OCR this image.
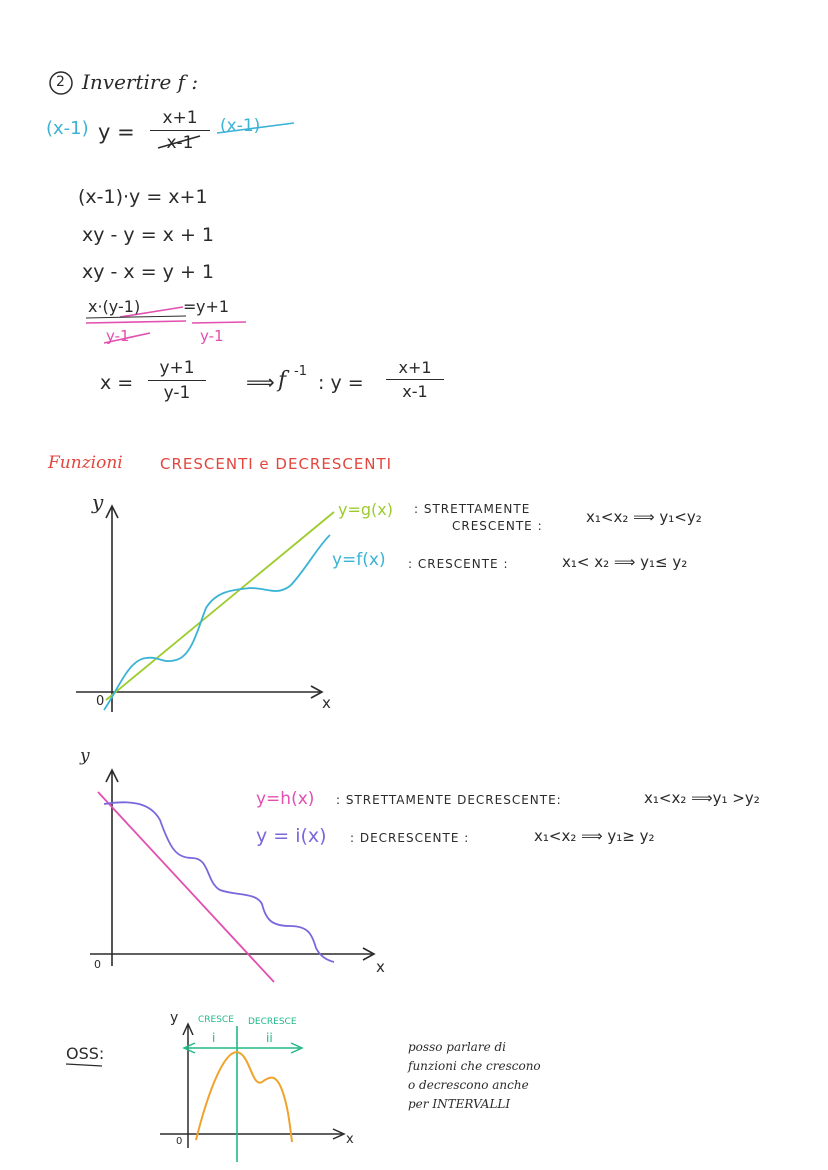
2 Invertire f :
(x-1) y =
x+1
x-1
(x-1)
(x-1)·y = x+1
xy - y = x + 1
xy - x = y + 1
x·(y-1)	= y+1
y-1	y-1
x =
y+1
y-1	⟹ f -1
: y =
x+1
x-1
Funzioni CRESCENTI e DECRESCENTI
y
x
0
y=g(x) : STRETTAMENTE
CRESCENTE :	x₁<x₂ ⟹ y₁<y₂
y=f(x) : CRESCENTE :	x₁< x₂ ⟹ y₁≤ y₂
y
x
0
y=h(x) : STRETTAMENTE DECRESCENTE:	x₁<x₂ ⟹y₁ >y₂
y = i(x) : DECRESCENTE :	x₁<x₂ ⟹ y₁≥ y₂
OSS:
y
x
0
CRESCE DECRESCE
i	ii
posso parlare di
funzioni che crescono
o decrescono anche
per INTERVALLI
